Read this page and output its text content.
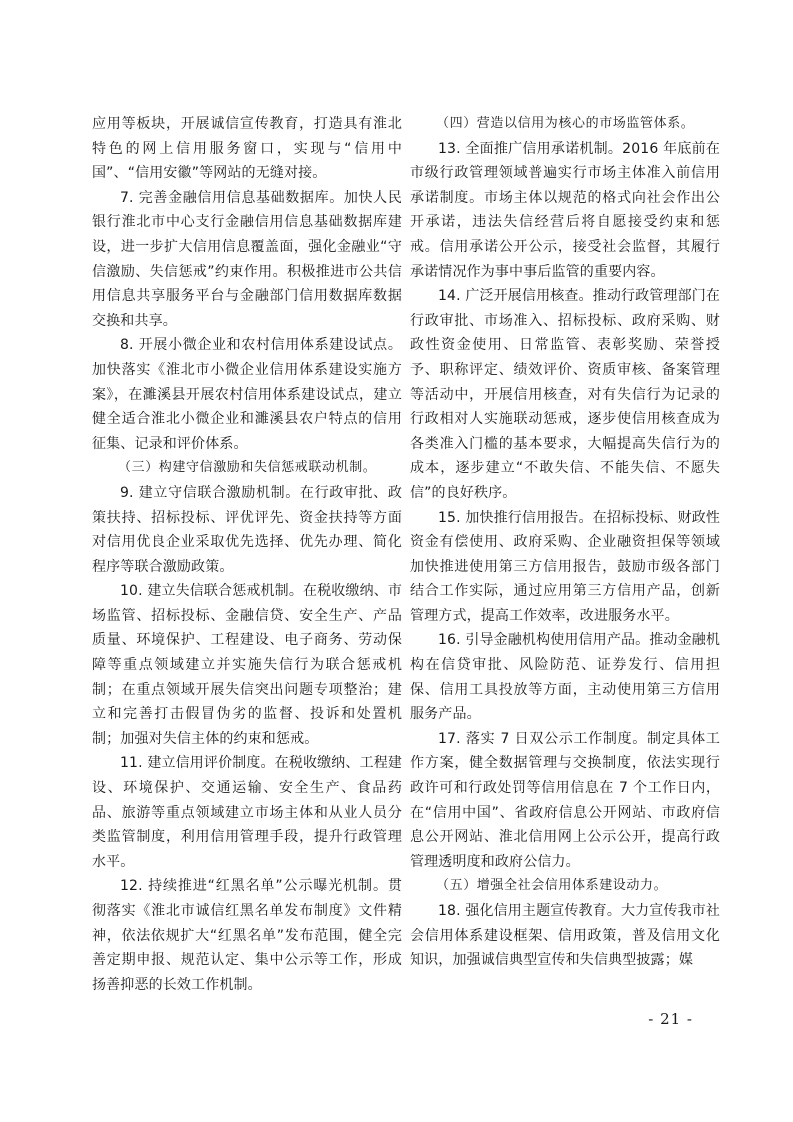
应用等板块，开展诚信宣传教育，打造具有淮北特色的网上信用服务窗口，实现与“信用中国”、“信用安徽”等网站的无缝对接。

7. 完善金融信用信息基础数据库。加快人民银行淮北市中心支行金融信用信息基础数据库建设，进一步扩大信用信息覆盖面，强化金融业“守信激励、失信惩戒”约束作用。积极推进市公共信用信息共享服务平台与金融部门信用数据库数据交换和共享。

8. 开展小微企业和农村信用体系建设试点。加快落实《淮北市小微企业信用体系建设实施方案》，在濉溪县开展农村信用体系建设试点，建立健全适合淮北小微企业和濉溪县农户特点的信用征集、记录和评价体系。

（三）构建守信激励和失信惩戒联动机制。

9. 建立守信联合激励机制。在行政审批、政策扶持、招标投标、评优评先、资金扶持等方面对信用优良企业采取优先选择、优先办理、简化程序等联合激励政策。

10. 建立失信联合惩戒机制。在税收缴纳、市场监管、招标投标、金融信贷、安全生产、产品质量、环境保护、工程建设、电子商务、劳动保障等重点领域建立并实施失信行为联合惩戒机制；在重点领域开展失信突出问题专项整治；建立和完善打击假冒伪劣的监督、投诉和处置机制；加强对失信主体的约束和惩戒。

11. 建立信用评价制度。在税收缴纳、工程建设、环境保护、交通运输、安全生产、食品药品、旅游等重点领域建立市场主体和从业人员分类监管制度，利用信用管理手段，提升行政管理水平。

12. 持续推进“红黑名单”公示曝光机制。贯彻落实《淮北市诚信红黑名单发布制度》文件精神，依法依规扩大“红黑名单”发布范围，健全完善定期申报、规范认定、集中公示等工作，形成扬善抑恶的长效工作机制。

（四）营造以信用为核心的市场监管体系。

13. 全面推广信用承诺机制。2016 年底前在市级行政管理领域普遍实行市场主体准入前信用承诺制度。市场主体以规范的格式向社会作出公开承诺，违法失信经营后将自愿接受约束和惩戒。信用承诺公开公示，接受社会监督，其履行承诺情况作为事中事后监管的重要内容。

14. 广泛开展信用核查。推动行政管理部门在行政审批、市场准入、招标投标、政府采购、财政性资金使用、日常监管、表彰奖励、荣誉授予、职称评定、绩效评价、资质审核、备案管理等活动中，开展信用核查，对有失信行为记录的行政相对人实施联动惩戒，逐步使信用核查成为各类准入门槛的基本要求，大幅提高失信行为的成本，逐步建立“不敢失信、不能失信、不愿失信”的良好秩序。

15. 加快推行信用报告。在招标投标、财政性资金有偿使用、政府采购、企业融资担保等领域加快推进使用第三方信用报告，鼓励市级各部门结合工作实际，通过应用第三方信用产品，创新管理方式，提高工作效率，改进服务水平。

16. 引导金融机构使用信用产品。推动金融机构在信贷审批、风险防范、证券发行、信用担保、信用工具投放等方面，主动使用第三方信用服务产品。

17. 落实 7 日双公示工作制度。制定具体工作方案，健全数据管理与交换制度，依法实现行政许可和行政处罚等信用信息在 7 个工作日内，在“信用中国”、省政府信息公开网站、市政府信息公开网站、淮北信用网上公示公开，提高行政管理透明度和政府公信力。

（五）增强全社会信用体系建设动力。

18. 强化信用主题宣传教育。大力宣传我市社会信用体系建设框架、信用政策，普及信用文化知识，加强诚信典型宣传和失信典型披露；媒

- 21 -
